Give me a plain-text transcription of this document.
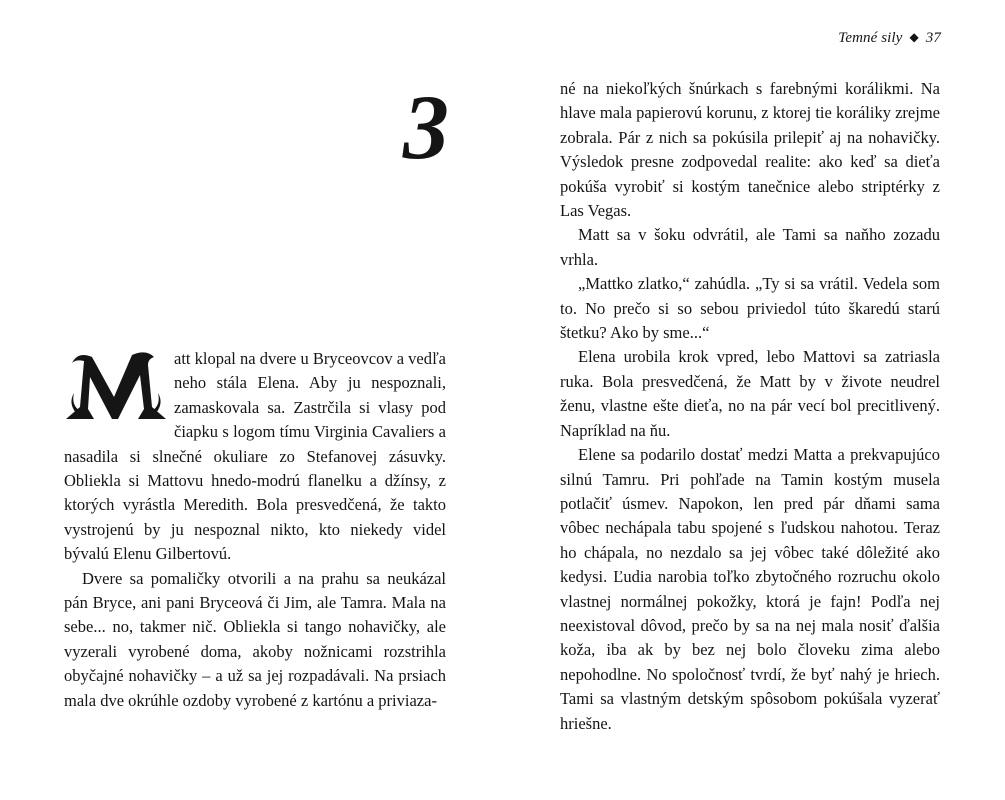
Temné sily ◆ 37
3

att klopal na dvere u Bryceovcov a vedľa neho stála Elena. Aby ju nespoznali, zamaskovala sa. Zastrčila si vlasy pod čiapku s logom tímu Virginia Cavaliers a nasadila si slnečné okuliare zo Stefanovej zásuvky. Obliekla si Mattovu hnedo-modrú flanelku a džínsy, z ktorých vyrástla Meredith. Bola presvedčená, že takto vystrojenú by ju nespoznal nikto, kto niekedy videl bývalú Elenu Gilbertovú.

Dvere sa pomaličky otvorili a na prahu sa neukázal pán Bryce, ani pani Bryceová či Jim, ale Tamra. Mala na sebe... no, takmer nič. Obliekla si tango nohavičky, ale vyzerali vyrobené doma, akoby nožnicami rozstrihla obyčajné nohavičky – a už sa jej rozpadávali. Na prsiach mala dve okrúhle ozdoby vyrobené z kartónu a priviaza-

né na niekoľkých šnúrkach s farebnými korálikmi. Na hlave mala papierovú korunu, z ktorej tie koráliky zrejme zobrala. Pár z nich sa pokúsila prilepiť aj na nohavičky. Výsledok presne zodpovedal realite: ako keď sa dieťa pokúša vyrobiť si kostým tanečnice alebo striptérky z Las Vegas.

Matt sa v šoku odvrátil, ale Tami sa naňho zozadu vrhla.

„Mattko zlatko,“ zahúdla. „Ty si sa vrátil. Vedela som to. No prečo si so sebou priviedol túto škaredú starú štetku? Ako by sme...“

Elena urobila krok vpred, lebo Mattovi sa zatriasla ruka. Bola presvedčená, že Matt by v živote neudrel ženu, vlastne ešte dieťa, no na pár vecí bol precitlivený. Napríklad na ňu.

Elene sa podarilo dostať medzi Matta a prekvapujúco silnú Tamru. Pri pohľade na Tamin kostým musela potlačiť úsmev. Napokon, len pred pár dňami sama vôbec nechápala tabu spojené s ľudskou nahotou. Teraz ho chápala, no nezdalo sa jej vôbec také dôležité ako kedysi. Ľudia narobia toľko zbytočného rozruchu okolo vlastnej normálnej pokožky, ktorá je fajn! Podľa nej neexistoval dôvod, prečo by sa na nej mala nosiť ďalšia koža, iba ak by bez nej bolo človeku zima alebo nepohodlne. No spoločnosť tvrdí, že byť nahý je hriech. Tami sa vlastným detským spôsobom pokúšala vyzerať hriešne.
